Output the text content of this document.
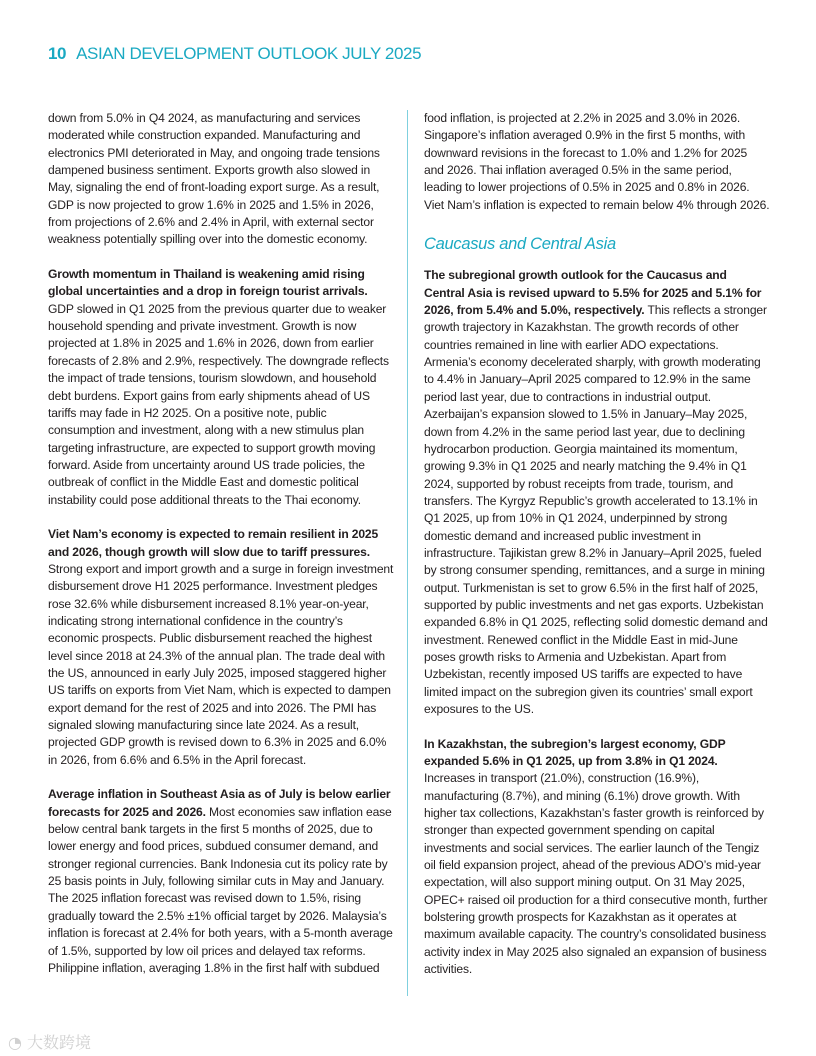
10 ASIAN DEVELOPMENT OUTLOOK JULY 2025

down from 5.0% in Q4 2024, as manufacturing and services moderated while construction expanded. Manufacturing and electronics PMI deteriorated in May, and ongoing trade tensions dampened business sentiment. Exports growth also slowed in May, signaling the end of front-loading export surge. As a result, GDP is now projected to grow 1.6% in 2025 and 1.5% in 2026, from projections of 2.6% and 2.4% in April, with external sector weakness potentially spilling over into the domestic economy.

Growth momentum in Thailand is weakening amid rising global uncertainties and a drop in foreign tourist arrivals. GDP slowed in Q1 2025 from the previous quarter due to weaker household spending and private investment. Growth is now projected at 1.8% in 2025 and 1.6% in 2026, down from earlier forecasts of 2.8% and 2.9%, respectively. The downgrade reflects the impact of trade tensions, tourism slowdown, and household debt burdens. Export gains from early shipments ahead of US tariffs may fade in H2 2025. On a positive note, public consumption and investment, along with a new stimulus plan targeting infrastructure, are expected to support growth moving forward. Aside from uncertainty around US trade policies, the outbreak of conflict in the Middle East and domestic political instability could pose additional threats to the Thai economy.

Viet Nam’s economy is expected to remain resilient in 2025 and 2026, though growth will slow due to tariff pressures. Strong export and import growth and a surge in foreign investment disbursement drove H1 2025 performance. Investment pledges rose 32.6% while disbursement increased 8.1% year-on-year, indicating strong international confidence in the country’s economic prospects. Public disbursement reached the highest level since 2018 at 24.3% of the annual plan. The trade deal with the US, announced in early July 2025, imposed staggered higher US tariffs on exports from Viet Nam, which is expected to dampen export demand for the rest of 2025 and into 2026. The PMI has signaled slowing manufacturing since late 2024. As a result, projected GDP growth is revised down to 6.3% in 2025 and 6.0% in 2026, from 6.6% and 6.5% in the April forecast.

Average inflation in Southeast Asia as of July is below earlier forecasts for 2025 and 2026. Most economies saw inflation ease below central bank targets in the first 5 months of 2025, due to lower energy and food prices, subdued consumer demand, and stronger regional currencies. Bank Indonesia cut its policy rate by 25 basis points in July, following similar cuts in May and January. The 2025 inflation forecast was revised down to 1.5%, rising gradually toward the 2.5% ±1% official target by 2026. Malaysia’s inflation is forecast at 2.4% for both years, with a 5-month average of 1.5%, supported by low oil prices and delayed tax reforms. Philippine inflation, averaging 1.8% in the first half with subdued

food inflation, is projected at 2.2% in 2025 and 3.0% in 2026. Singapore’s inflation averaged 0.9% in the first 5 months, with downward revisions in the forecast to 1.0% and 1.2% for 2025 and 2026. Thai inflation averaged 0.5% in the same period, leading to lower projections of 0.5% in 2025 and 0.8% in 2026. Viet Nam’s inflation is expected to remain below 4% through 2026.

Caucasus and Central Asia

The subregional growth outlook for the Caucasus and Central Asia is revised upward to 5.5% for 2025 and 5.1% for 2026, from 5.4% and 5.0%, respectively. This reflects a stronger growth trajectory in Kazakhstan. The growth records of other countries remained in line with earlier ADO expectations. Armenia’s economy decelerated sharply, with growth moderating to 4.4% in January–April 2025 compared to 12.9% in the same period last year, due to contractions in industrial output. Azerbaijan’s expansion slowed to 1.5% in January–May 2025, down from 4.2% in the same period last year, due to declining hydrocarbon production. Georgia maintained its momentum, growing 9.3% in Q1 2025 and nearly matching the 9.4% in Q1 2024, supported by robust receipts from trade, tourism, and transfers. The Kyrgyz Republic’s growth accelerated to 13.1% in Q1 2025, up from 10% in Q1 2024, underpinned by strong domestic demand and increased public investment in infrastructure. Tajikistan grew 8.2% in January–April 2025, fueled by strong consumer spending, remittances, and a surge in mining output. Turkmenistan is set to grow 6.5% in the first half of 2025, supported by public investments and net gas exports. Uzbekistan expanded 6.8% in Q1 2025, reflecting solid domestic demand and investment. Renewed conflict in the Middle East in mid-June poses growth risks to Armenia and Uzbekistan. Apart from Uzbekistan, recently imposed US tariffs are expected to have limited impact on the subregion given its countries’ small export exposures to the US.

In Kazakhstan, the subregion’s largest economy, GDP expanded 5.6% in Q1 2025, up from 3.8% in Q1 2024. Increases in transport (21.0%), construction (16.9%), manufacturing (8.7%), and mining (6.1%) drove growth. With higher tax collections, Kazakhstan’s faster growth is reinforced by stronger than expected government spending on capital investments and social services. The earlier launch of the Tengiz oil field expansion project, ahead of the previous ADO’s mid-year expectation, will also support mining output. On 31 May 2025, OPEC+ raised oil production for a third consecutive month, further bolstering growth prospects for Kazakhstan as it operates at maximum available capacity. The country’s consolidated business activity index in May 2025 also signaled an expansion of business activities.

◔ 大数跨境
